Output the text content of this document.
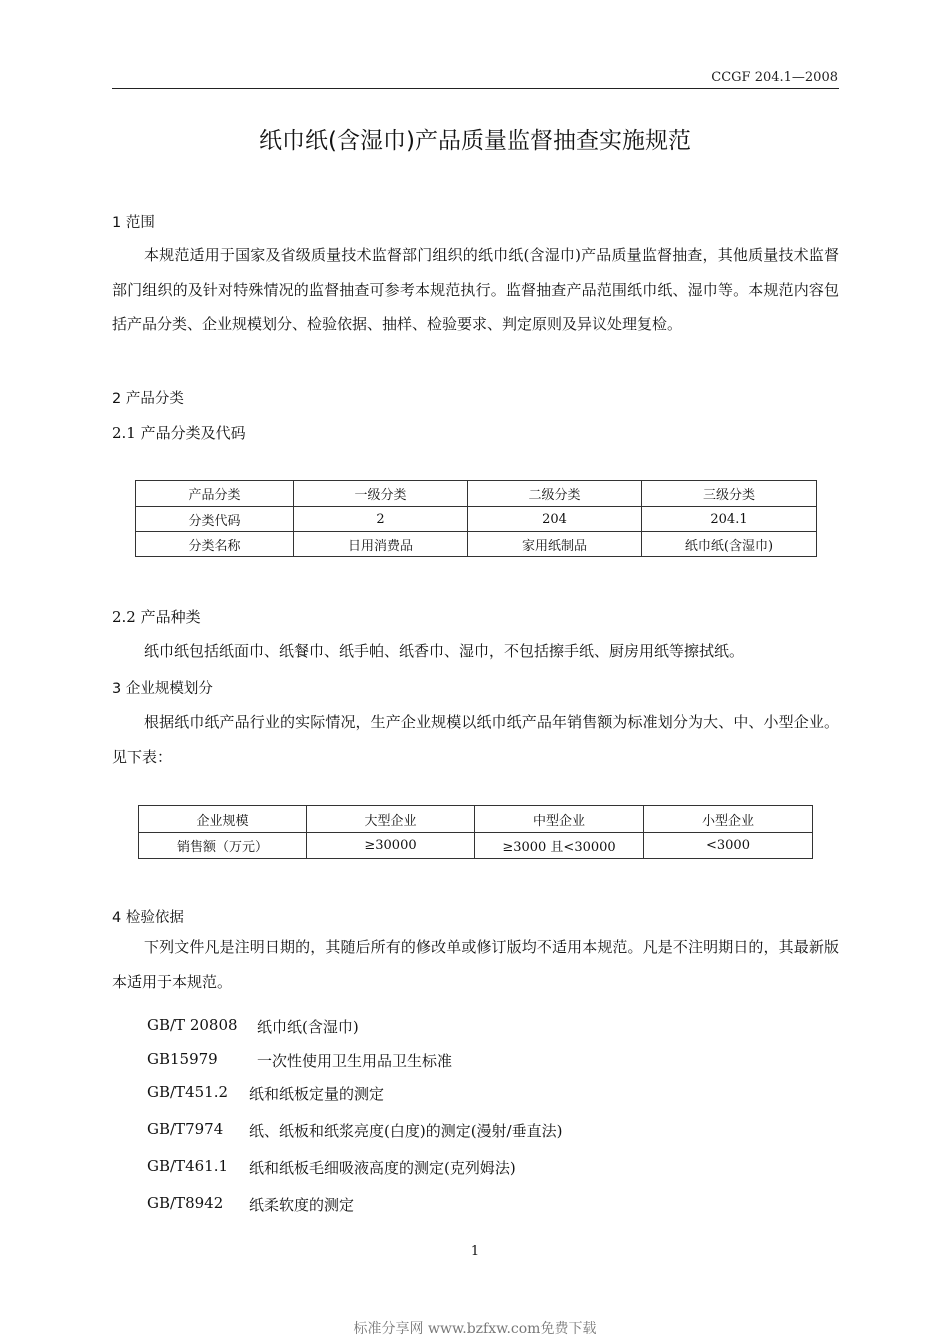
CCGF 204.1—2008
纸巾纸(含湿巾)产品质量监督抽查实施规范
1 范围
本规范适用于国家及省级质量技术监督部门组织的纸巾纸(含湿巾)产品质量监督抽查，其他质量技术监督部门组织的及针对特殊情况的监督抽查可参考本规范执行。监督抽查产品范围纸巾纸、湿巾等。本规范内容包括产品分类、企业规模划分、检验依据、抽样、检验要求、判定原则及异议处理复检。
2 产品分类
2.1 产品分类及代码
产品分类	一级分类	二级分类	三级分类
分类代码	2	204	204.1
分类名称	日用消费品	家用纸制品	纸巾纸(含湿巾)
2.2 产品种类
纸巾纸包括纸面巾、纸餐巾、纸手帕、纸香巾、湿巾，不包括擦手纸、厨房用纸等擦拭纸。
3 企业规模划分
根据纸巾纸产品行业的实际情况，生产企业规模以纸巾纸产品年销售额为标准划分为大、中、小型企业。见下表：
企业规模	大型企业	中型企业	小型企业
销售额（万元）	≥30000	≥3000 且<30000	<3000
4 检验依据
下列文件凡是注明日期的，其随后所有的修改单或修订版均不适用本规范。凡是不注明期日的，其最新版本适用于本规范。
GB/T 20808 纸巾纸(含湿巾)
GB15979	一次性使用卫生用品卫生标准
GB/T451.2 纸和纸板定量的测定
GB/T7974 纸、纸板和纸浆亮度(白度)的测定(漫射/垂直法)
GB/T461.1 纸和纸板毛细吸液高度的测定(克列姆法)
GB/T8942 纸柔软度的测定
1
标准分享网 www.bzfxw.com免费下载
